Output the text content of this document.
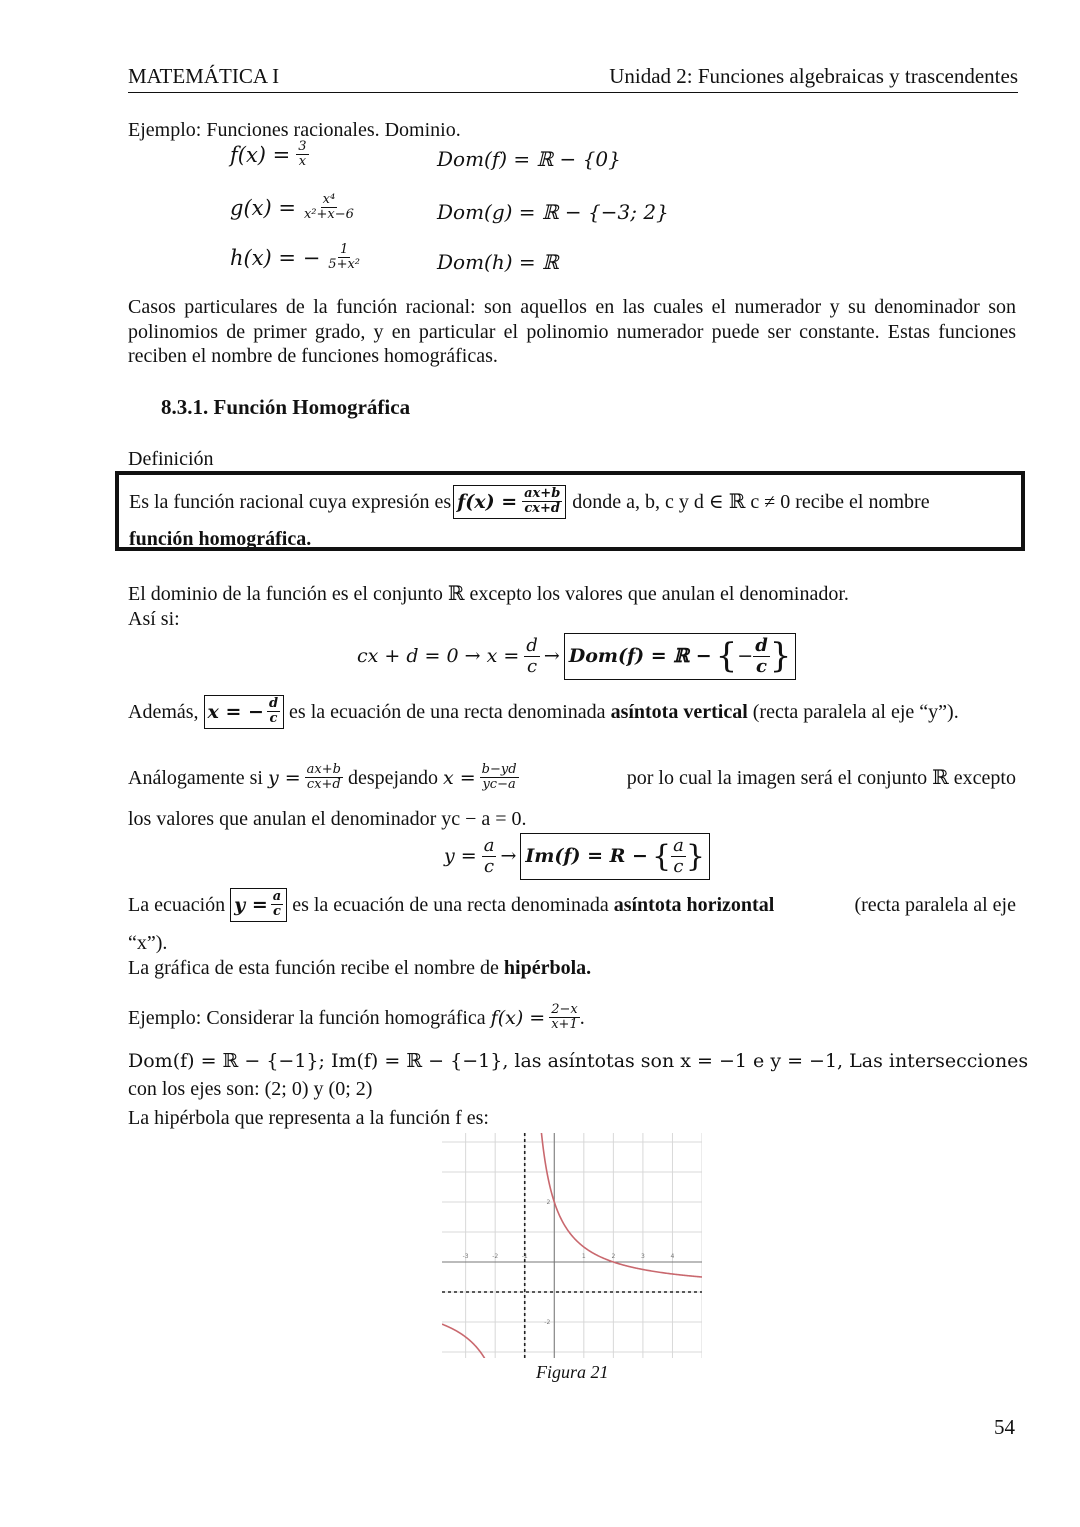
MATEMÁTICA I	Unidad 2: Funciones algebraicas y trascendentes
Ejemplo: Funciones racionales. Dominio.
$f(x) = \frac{3}{x}$	Dom(f) = ℝ − {0}
$g(x) = \frac{\text{x⁴}}{\text{x²+x−6}}$	Dom(g) = ℝ − {−3; 2}
h(x) = − $\frac{1}{\text{5+x²}}$	Dom(h) = ℝ
Casos particulares de la función racional: son aquellos en las cuales el numerador y su denominador son polinomios de primer grado, y en particular el polinomio numerador puede ser constante. Estas funciones reciben el nombre de funciones homográficas.
8.3.1. Función Homográfica
Definición
Es la función racional cuya expresión es $f(x) = \frac{ax+b}{cx+d}$ donde a, b, c y d ∈ ℝ c ≠ 0 recibe el nombre
función homográfica.
El dominio de la función es el conjunto ℝ excepto los valores que anulan el denominador.
Así si:
cx + $d = 0 \to x = \frac{d}{c} \to Dom(f)$ = ℝ − { − $\frac{d}{c}$ }
Además, x = − $\frac{d}{c}$ es la ecuación de una recta denominada asíntota vertical (recta paralela al eje “y”).
Análogamente si $y = \frac{ax+b}{cx+d}$ despejando $x = \frac{b-yd}{yc-a}$	por lo cual la imagen será el conjunto ℝ excepto
los valores que anulan el denominador yc − a = 0.
$y = \frac{a}{c} \to Im(f) = R$ − { $\frac{a}{c}$ }
La ecuación $y = \frac{a}{c}$ es la ecuación de una recta denominada asíntota horizontal	(recta paralela al eje
“x”).
La gráfica de esta función recibe el nombre de hipérbola.
Ejemplo: Considerar la función homográfica $f(x) = \frac{2-x}{x+1}$ .
Dom(f) = ℝ − {−1}; Im(f) = ℝ − {−1}, las asíntotas son x = −1 e y = −1, Las intersecciones
con los ejes son: (2; 0) y (0; 2)
La hipérbola que representa a la función f es:
-3	-2	-1	1	2	3	4
-2
2
Figura 21
54
